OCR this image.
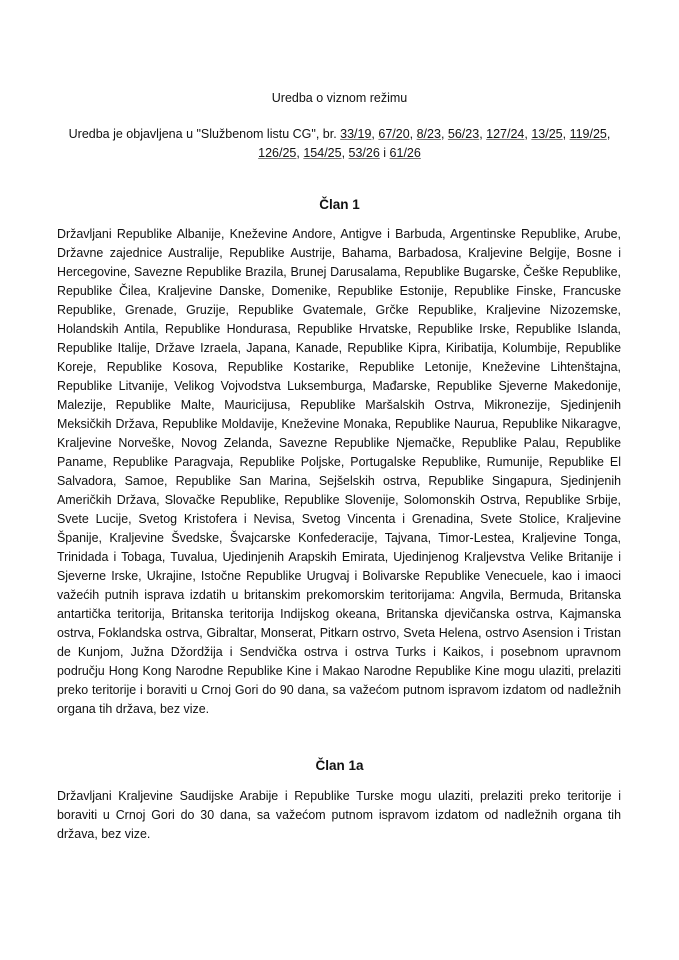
Uredba o viznom režimu
Uredba je objavljena u "Službenom listu CG", br. 33/19, 67/20, 8/23, 56/23, 127/24, 13/25, 119/25, 126/25, 154/25, 53/26 i 61/26
Član 1

Državljani Republike Albanije, Kneževine Andore, Antigve i Barbuda, Argentinske Republike, Arube, Državne zajednice Australije, Republike Austrije, Bahama, Barbadosa, Kraljevine Belgije, Bosne i Hercegovine, Savezne Republike Brazila, Brunej Darusalama, Republike Bugarske, Češke Republike, Republike Čilea, Kraljevine Danske, Domenike, Republike Estonije, Republike Finske, Francuske Republike, Grenade, Gruzije, Republike Gvatemale, Grčke Republike, Kraljevine Nizozemske, Holandskih Antila, Republike Hondurasa, Republike Hrvatske, Republike Irske, Republike Islanda, Republike Italije, Države Izraela, Japana, Kanade, Republike Kipra, Kiribatija, Kolumbije, Republike Koreje, Republike Kosova, Republike Kostarike, Republike Letonije, Kneževine Lihtenštajna, Republike Litvanije, Velikog Vojvodstva Luksemburga, Mađarske, Republike Sjeverne Makedonije, Malezije, Republike Malte, Mauricijusa, Republike Maršalskih Ostrva, Mikronezije, Sjedinjenih Meksičkih Država, Republike Moldavije, Kneževine Monaka, Republike Naurua, Republike Nikaragve, Kraljevine Norveške, Novog Zelanda, Savezne Republike Njemačke, Republike Palau, Republike Paname, Republike Paragvaja, Republike Poljske, Portugalske Republike, Rumunije, Republike El Salvadora, Samoe, Republike San Marina, Sejšelskih ostrva, Republike Singapura, Sjedinjenih Američkih Država, Slovačke Republike, Republike Slovenije, Solomonskih Ostrva, Republike Srbije, Svete Lucije, Svetog Kristofera i Nevisa, Svetog Vincenta i Grenadina, Svete Stolice, Kraljevine Španije, Kraljevine Švedske, Švajcarske Konfederacije, Tajvana, Timor-Lestea, Kraljevine Tonga, Trinidada i Tobaga, Tuvalua, Ujedinjenih Arapskih Emirata, Ujedinjenog Kraljevstva Velike Britanije i Sjeverne Irske, Ukrajine, Istočne Republike Urugvaj i Bolivarske Republike Venecuele, kao i imaoci važećih putnih isprava izdatih u britanskim prekomorskim teritorijama: Angvila, Bermuda, Britanska antartička teritorija, Britanska teritorija Indijskog okeana, Britanska djevičanska ostrva, Kajmanska ostrva, Foklandska ostrva, Gibraltar, Monserat, Pitkarn ostrvo, Sveta Helena, ostrvo Asension i Tristan de Kunjom, Južna Džordžija i Sendvička ostrva i ostrva Turks i Kaikos, i posebnom upravnom području Hong Kong Narodne Republike Kine i Makao Narodne Republike Kine mogu ulaziti, prelaziti preko teritorije i boraviti u Crnoj Gori do 90 dana, sa važećom putnom ispravom izdatom od nadležnih organa tih država, bez vize.

Član 1a

Državljani Kraljevine Saudijske Arabije i Republike Turske mogu ulaziti, prelaziti preko teritorije i boraviti u Crnoj Gori do 30 dana, sa važećom putnom ispravom izdatom od nadležnih organa tih država, bez vize.
